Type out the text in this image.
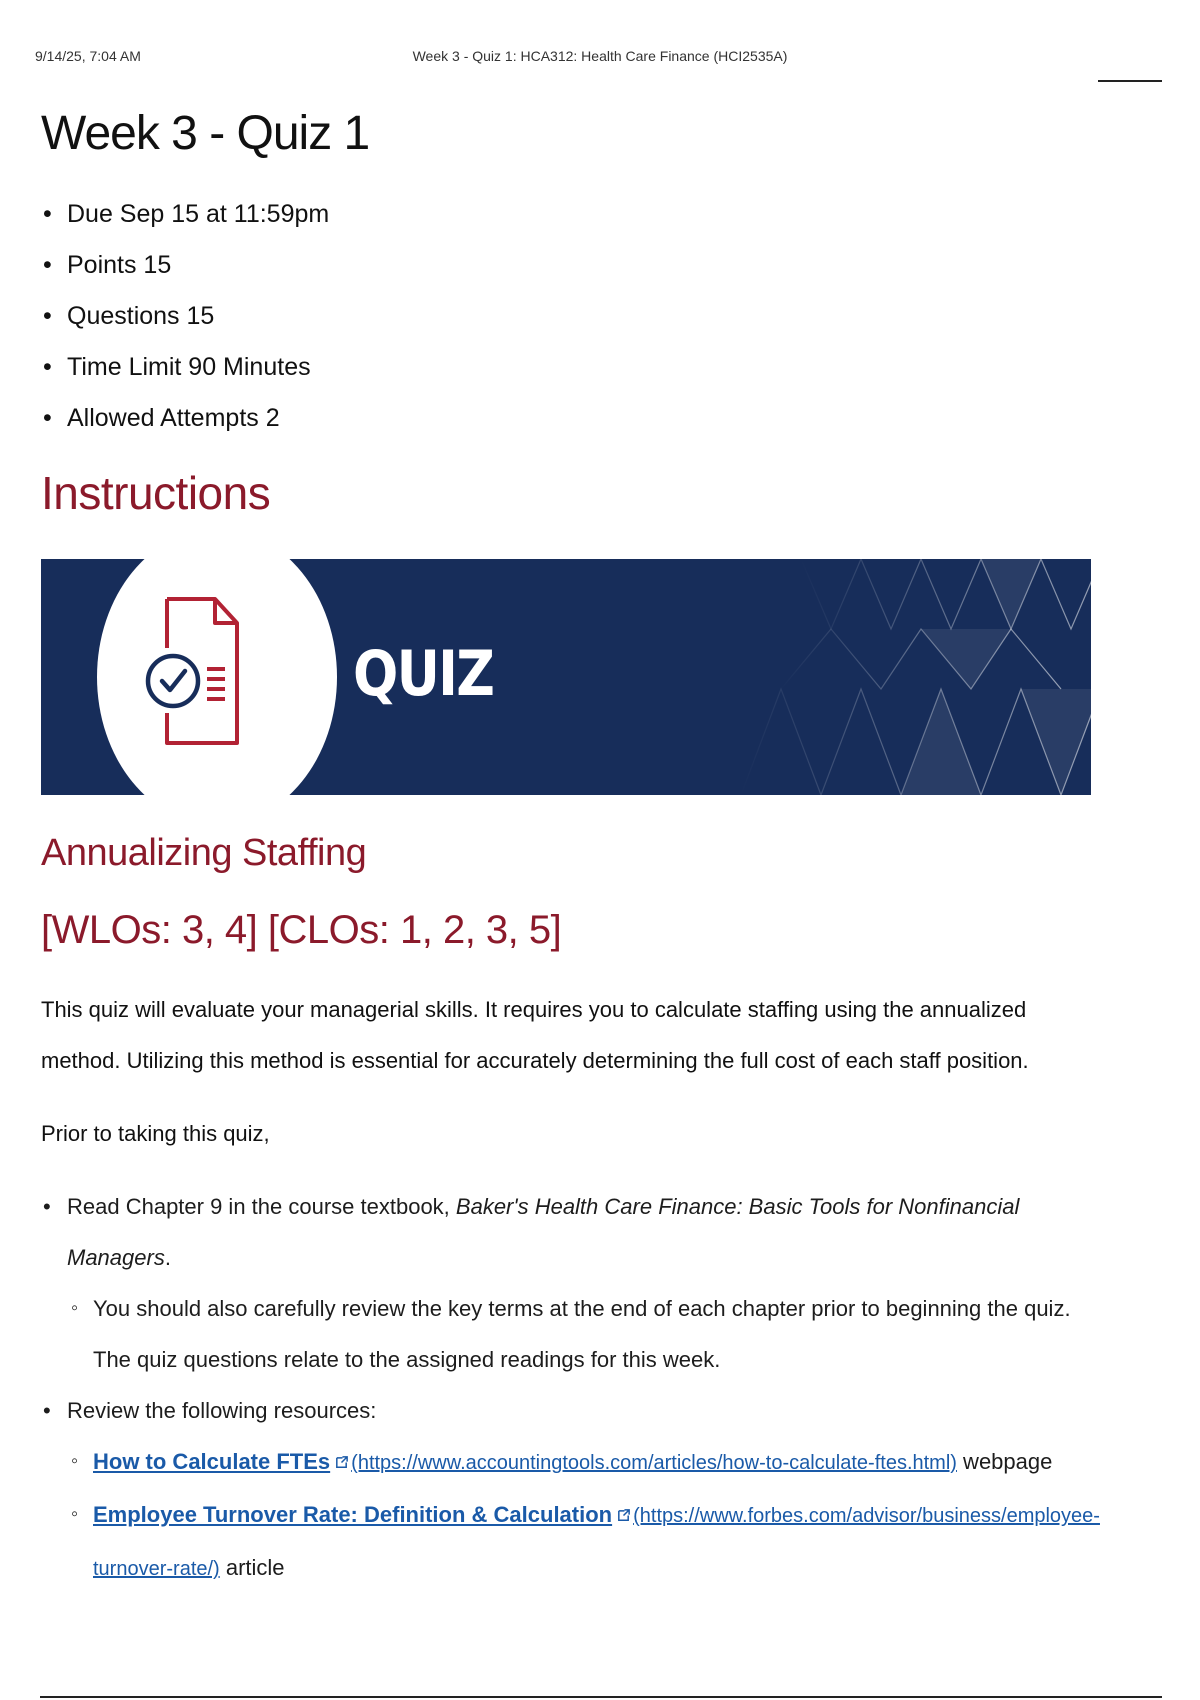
9/14/25, 7:04 AM	Week 3 - Quiz 1: HCA312: Health Care Finance (HCI2535A)
Week 3 - Quiz 1
• Due Sep 15 at 11:59pm
• Points 15
• Questions 15
• Time Limit 90 Minutes
• Allowed Attempts 2
Instructions
QUIZ
Annualizing Staffing
[WLOs: 3, 4] [CLOs: 1, 2, 3, 5]

This quiz will evaluate your managerial skills. It requires you to calculate staffing using the annualized method. Utilizing this method is essential for accurately determining the full cost of each staff position.

Prior to taking this quiz,

• Read Chapter 9 in the course textbook, Baker's Health Care Finance: Basic Tools for Nonfinancial Managers.
◦ You should also carefully review the key terms at the end of each chapter prior to beginning the quiz. The quiz questions relate to the assigned readings for this week.
• Review the following resources:
◦ How to Calculate FTEs (https://www.accountingtools.com/articles/how-to-calculate-ftes.html) webpage
◦ Employee Turnover Rate: Definition & Calculation (https://www.forbes.com/advisor/business/employee-turnover-rate/) article
